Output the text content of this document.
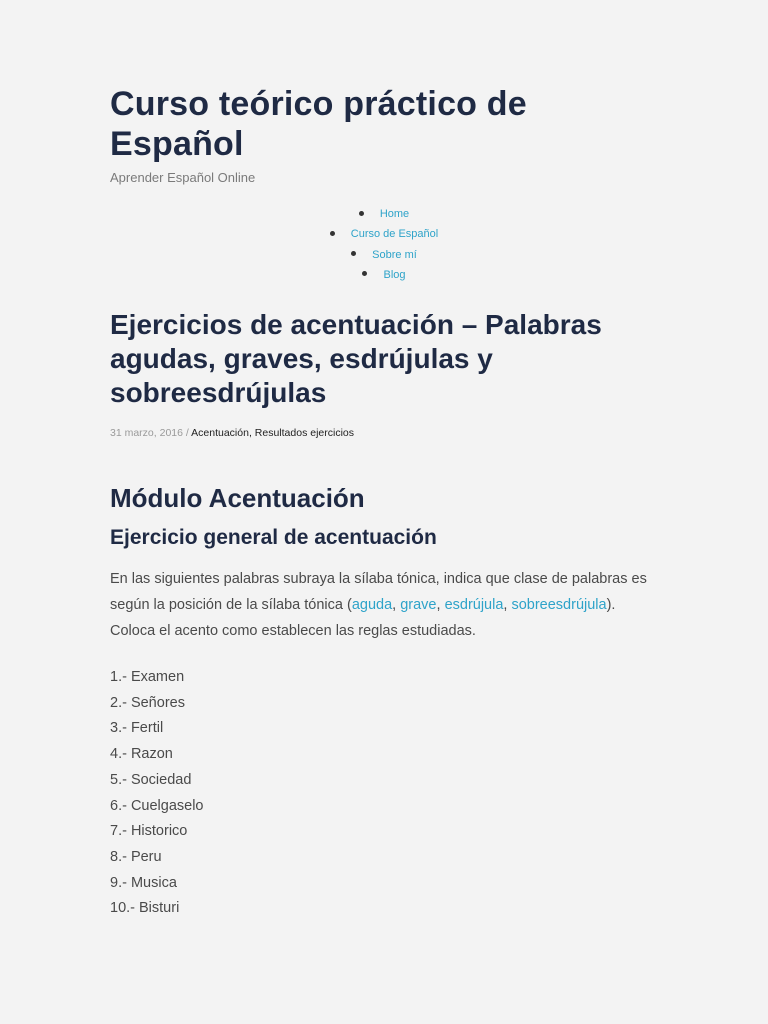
Curso teórico práctico de Español
Aprender Español Online
Home
Curso de Español
Sobre mí
Blog
Ejercicios de acentuación – Palabras agudas, graves, esdrújulas y sobreesdrújulas
31 marzo, 2016 / Acentuación, Resultados ejercicios
Módulo Acentuación
Ejercicio general de acentuación

En las siguientes palabras subraya la sílaba tónica, indica que clase de palabras es según la posición de la sílaba tónica (aguda, grave, esdrújula, sobreesdrújula). Coloca el acento como establecen las reglas estudiadas.

1.- Examen
2.- Señores
3.- Fertil
4.- Razon
5.- Sociedad
6.- Cuelgaselo
7.- Historico
8.- Peru
9.- Musica
10.- Bisturi
